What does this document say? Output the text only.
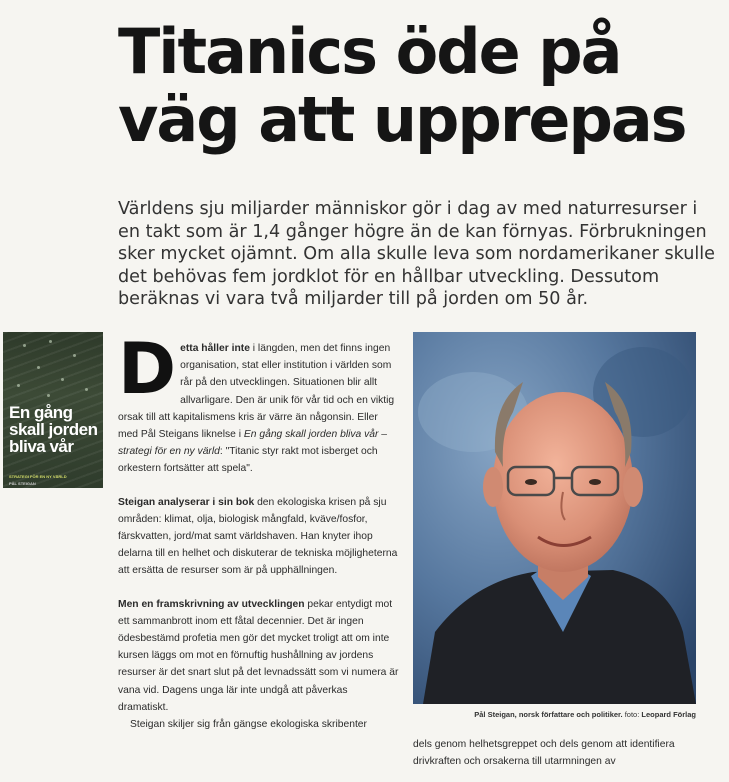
Titanics öde på väg att upprepas

Världens sju miljarder människor gör i dag av med naturresurser i en takt som är 1,4 gånger högre än de kan förnyas. Förbrukningen sker mycket ojämnt. Om alla skulle leva som nordamerikaner skulle det behövas fem jordklot för en hållbar utveckling. Dessutom beräknas vi vara två miljarder till på jorden om 50 år.

En gång skall jorden bliva vår
STRATEGI FÖR EN NY VÄRLD
PÅL STEIGAN

Detta håller inte i längden, men det finns ingen organisation, stat eller institution i världen som rår på den utvecklingen. Situationen blir allt allvarligare. Den är unik för vår tid och en viktig orsak till att kapitalismens kris är värre än någonsin. Eller med Pål Steigans liknelse i En gång skall jorden bliva vår – strategi för en ny värld: "Titanic styr rakt mot isberget och orkestern fortsätter att spela".

Steigan analyserar i sin bok den ekologiska krisen på sju områden: klimat, olja, biologisk mångfald, kväve/fosfor, färskvatten, jord/mat samt världshaven. Han knyter ihop delarna till en helhet och diskuterar de tekniska möjligheterna att ersätta de resurser som är på upphällningen.

Men en framskrivning av utvecklingen pekar entydigt mot ett sammanbrott inom ett fåtal decennier. Det är ingen ödesbestämd profetia men gör det mycket troligt att om inte kursen läggs om mot en förnuftig hushållning av jordens resurser är det snart slut på det levnadssätt som vi numera är vana vid. Dagens unga lär inte undgå att påverkas dramatiskt.

Steigan skiljer sig från gängse ekologiska skribenter

Pål Steigan, norsk författare och politiker. foto: Leopard Förlag

dels genom helhetsgreppet och dels genom att identifiera drivkraften och orsakerna till utarmningen av
